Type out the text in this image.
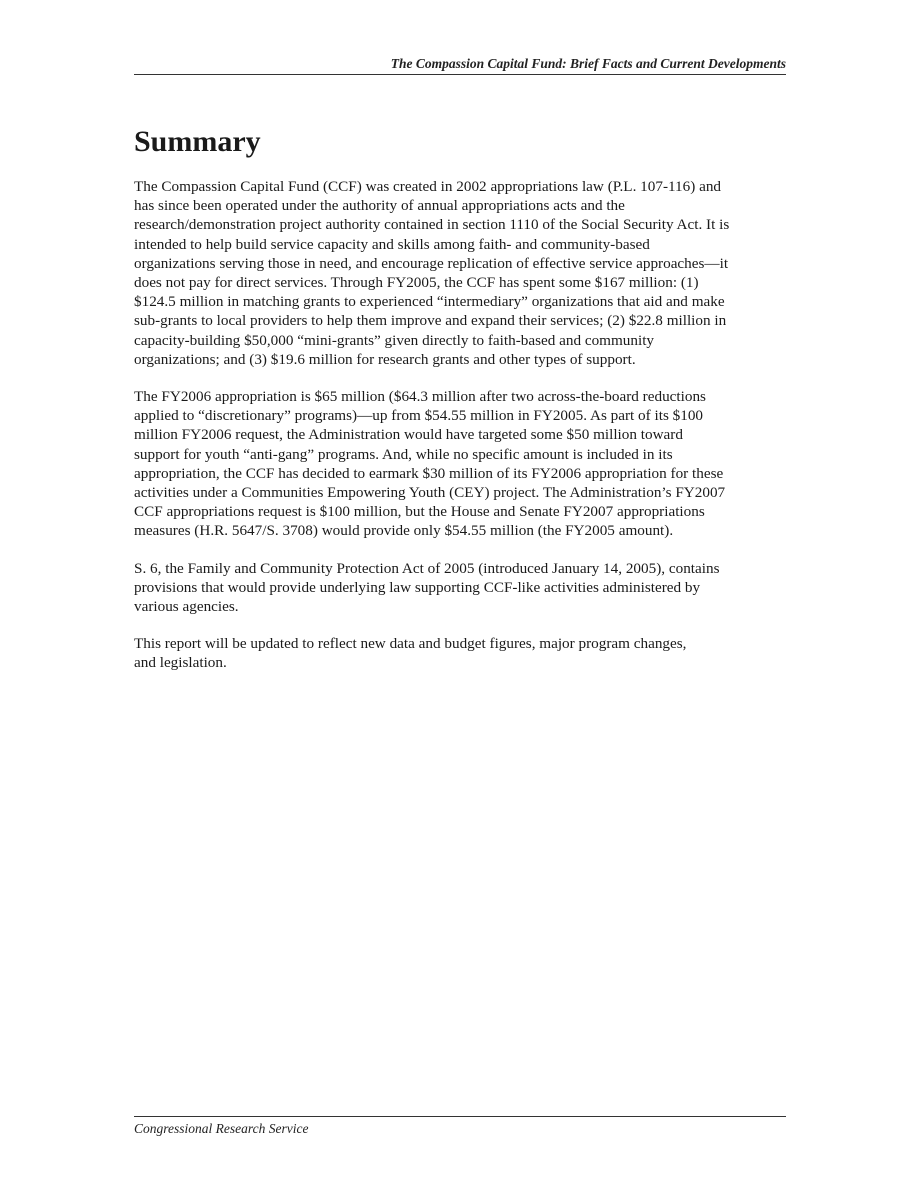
The Compassion Capital Fund: Brief Facts and Current Developments
Summary

The Compassion Capital Fund (CCF) was created in 2002 appropriations law (P.L. 107-116) and
has since been operated under the authority of annual appropriations acts and the
research/demonstration project authority contained in section 1110 of the Social Security Act. It is
intended to help build service capacity and skills among faith- and community-based
organizations serving those in need, and encourage replication of effective service approaches—it
does not pay for direct services. Through FY2005, the CCF has spent some $167 million: (1)
$124.5 million in matching grants to experienced “intermediary” organizations that aid and make
sub-grants to local providers to help them improve and expand their services; (2) $22.8 million in
capacity-building $50,000 “mini-grants” given directly to faith-based and community
organizations; and (3) $19.6 million for research grants and other types of support.

The FY2006 appropriation is $65 million ($64.3 million after two across-the-board reductions
applied to “discretionary” programs)—up from $54.55 million in FY2005. As part of its $100
million FY2006 request, the Administration would have targeted some $50 million toward
support for youth “anti-gang” programs. And, while no specific amount is included in its
appropriation, the CCF has decided to earmark $30 million of its FY2006 appropriation for these
activities under a Communities Empowering Youth (CEY) project. The Administration’s FY2007
CCF appropriations request is $100 million, but the House and Senate FY2007 appropriations
measures (H.R. 5647/S. 3708) would provide only $54.55 million (the FY2005 amount).

S. 6, the Family and Community Protection Act of 2005 (introduced January 14, 2005), contains
provisions that would provide underlying law supporting CCF-like activities administered by
various agencies.

This report will be updated to reflect new data and budget figures, major program changes,
and legislation.

Congressional Research Service
